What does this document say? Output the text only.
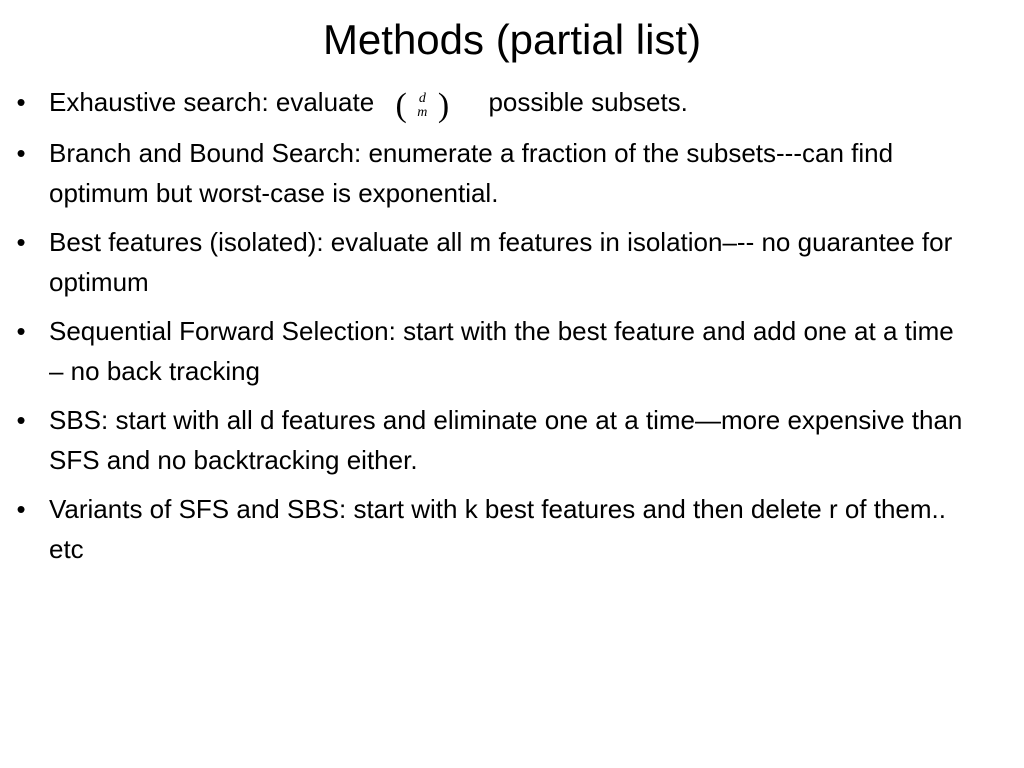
Methods (partial list)
• Exhaustive search: evaluate ( d
m ) possible subsets.
• Branch and Bound Search: enumerate a fraction of the subsets---can find optimum but worst-case is exponential.
• Best features (isolated): evaluate all m features in isolation–-- no guarantee for optimum
• Sequential Forward Selection: start with the best feature and add one at a time – no back tracking
• SBS: start with all d features and eliminate one at a time—more expensive than SFS and no backtracking either.
• Variants of SFS and SBS: start with k best features and then delete r of them.. etc
